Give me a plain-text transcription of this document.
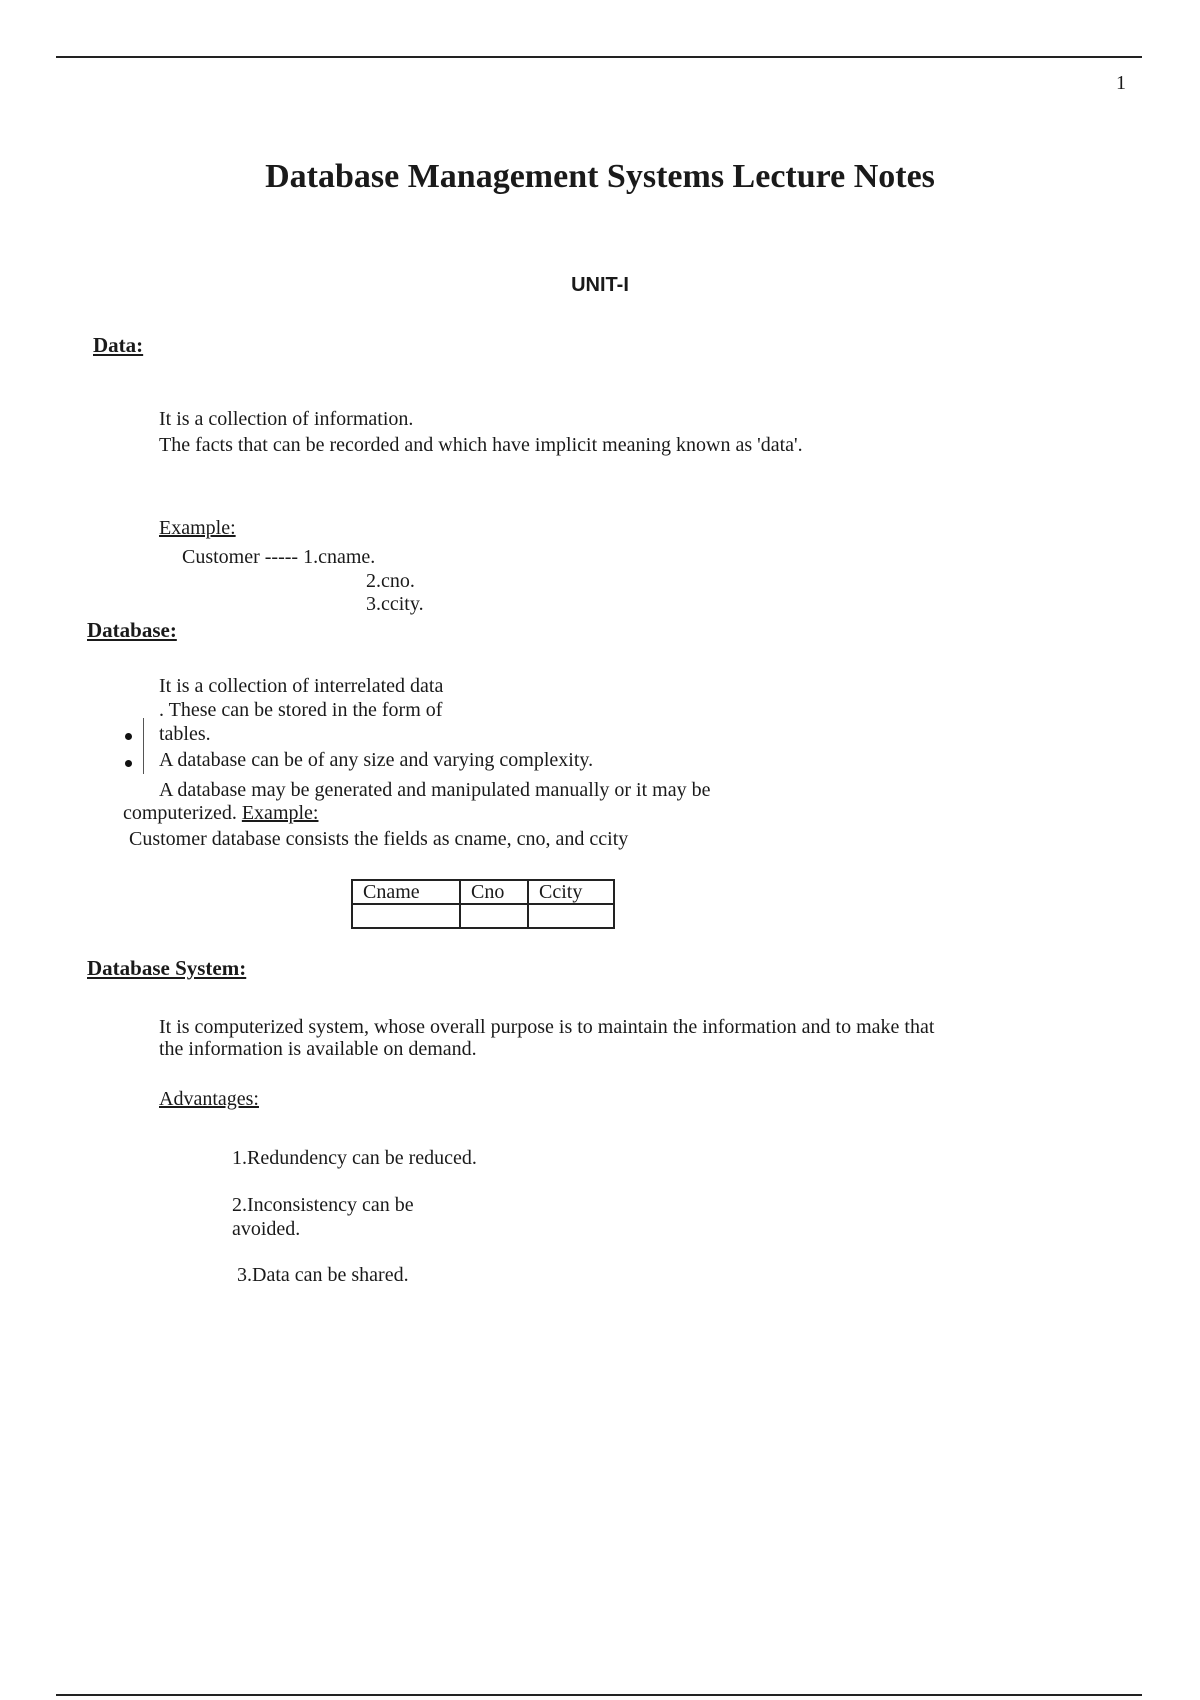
1
Database Management Systems Lecture Notes
UNIT-I
Data:
It is a collection of information.
The facts that can be recorded and which have implicit meaning known as 'data'.
Example:
Customer ----- 1.cname.
2.cno.
3.ccity.
Database:
It is a collection of interrelated data
. These can be stored in the form of
tables.
A database can be of any size and varying complexity.
A database may be generated and manipulated manually or it may be
computerized. Example:
Customer database consists the fields as cname, cno, and ccity
Cname	Cno	Ccity

Database System:
It is computerized system, whose overall purpose is to maintain the information and to make that
the information is available on demand.
Advantages:
1.Redundency can be reduced.
2.Inconsistency can be
avoided.
3.Data can be shared.
